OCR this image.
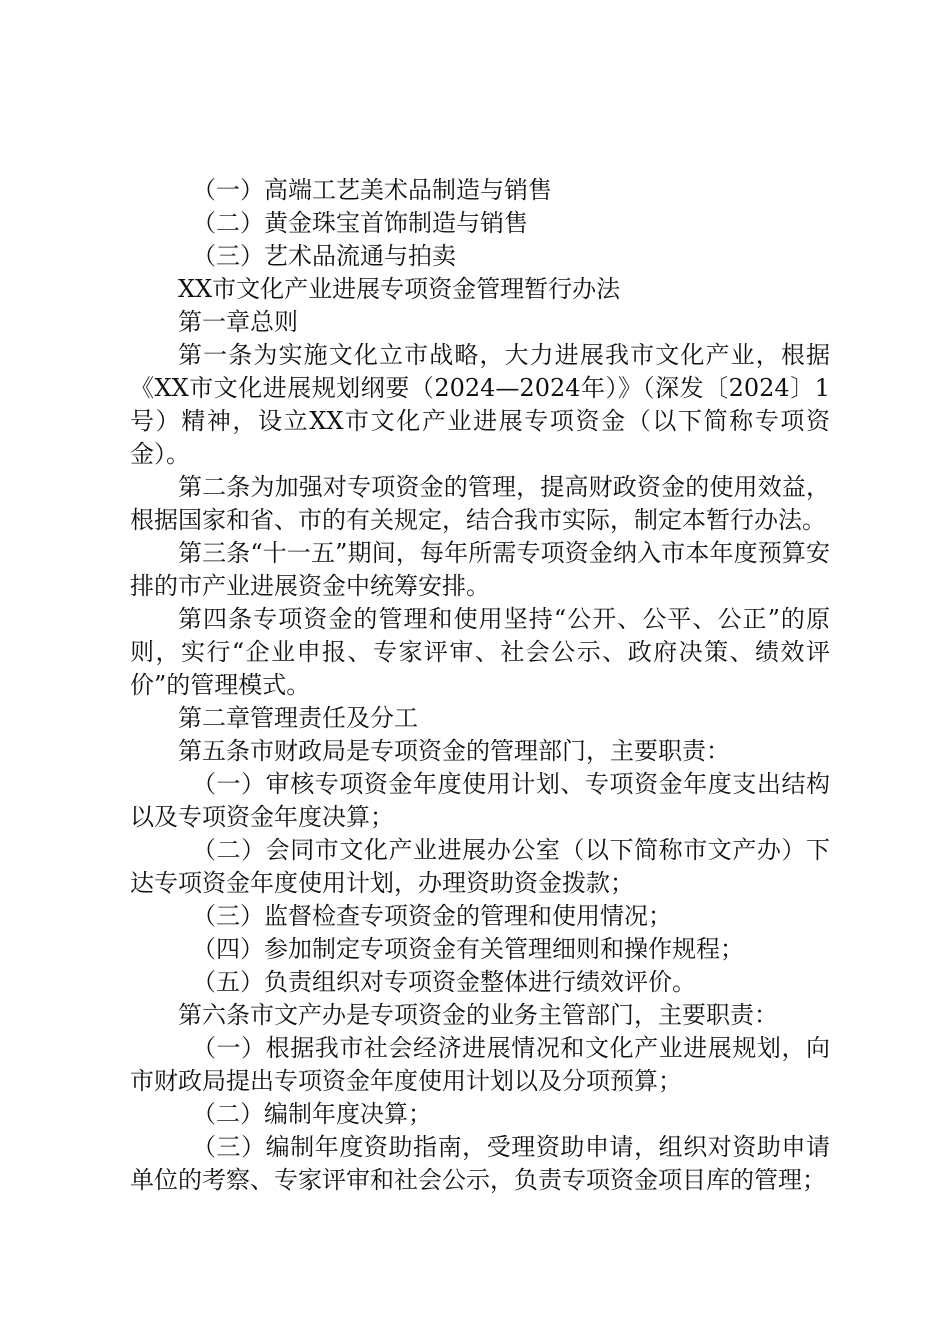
（一）高端工艺美术品制造与销售

（二）黄金珠宝首饰制造与销售

（三）艺术品流通与拍卖

XX市文化产业进展专项资金管理暂行办法

第一章总则

第一条为实施文化立市战略，大力进展我市文化产业，根据《XX市文化进展规划纲要（2024—2024年）》（深发〔2024〕1号）精神，设立XX市文化产业进展专项资金（以下简称专项资金）。

第二条为加强对专项资金的管理，提高财政资金的使用效益，根据国家和省、市的有关规定，结合我市实际，制定本暂行办法。

第三条“十一五”期间，每年所需专项资金纳入市本年度预算安排的市产业进展资金中统筹安排。

第四条专项资金的管理和使用坚持“公开、公平、公正”的原则，实行“企业申报、专家评审、社会公示、政府决策、绩效评价”的管理模式。

第二章管理责任及分工

第五条市财政局是专项资金的管理部门，主要职责：

（一）审核专项资金年度使用计划、专项资金年度支出结构以及专项资金年度决算；

（二）会同市文化产业进展办公室（以下简称市文产办）下达专项资金年度使用计划，办理资助资金拨款；

（三）监督检查专项资金的管理和使用情况；

（四）参加制定专项资金有关管理细则和操作规程；

（五）负责组织对专项资金整体进行绩效评价。

第六条市文产办是专项资金的业务主管部门，主要职责：

（一）根据我市社会经济进展情况和文化产业进展规划，向市财政局提出专项资金年度使用计划以及分项预算；

（二）编制年度决算；

（三）编制年度资助指南，受理资助申请，组织对资助申请单位的考察、专家评审和社会公示，负责专项资金项目库的管理；
